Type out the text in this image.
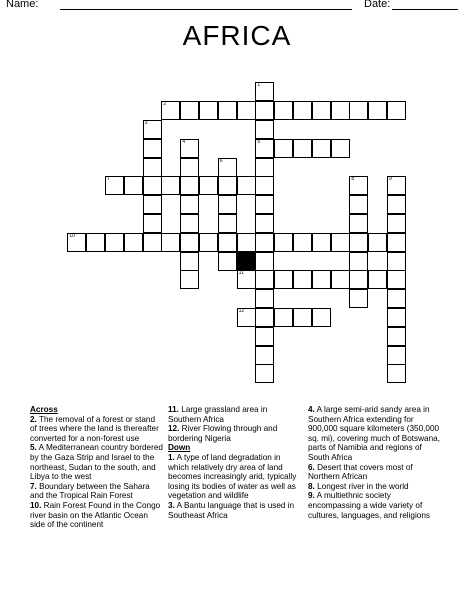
Name:	Date:
AFRICA
1
2
3
4	5
6
7	8	9
10
11
12
Across
2. The removal of a forest or stand of trees where the land is thereafter converted for a non-forest use
5. A Mediterranean country bordered by the Gaza Strip and Israel to the northeast, Sudan to the south, and Libya to the west
7. Boundary between the Sahara and the Tropical Rain Forest
10. Rain Forest Found in the Congo river basin on the Atlantic Ocean side of the continent
11. Large grassland area in Southern Africa
12. River Flowing through and bordering Nigeria
Down
1. A type of land degradation in which relatively dry area of land becomes increasingly arid, typically losing its bodies of water as well as vegetation and wildlife
3. A Bantu language that is used in Southeast Africa
4. A large semi-arid sandy area in Southern Africa extending for 900,000 square kilometers (350,000 sq. mi), covering much of Botswana, parts of Namibia and regions of South Africa
6. Desert that covers most of Northern African
8. Longest river in the world
9. A multiethnic society encompassing a wide variety of cultures, languages, and religions
